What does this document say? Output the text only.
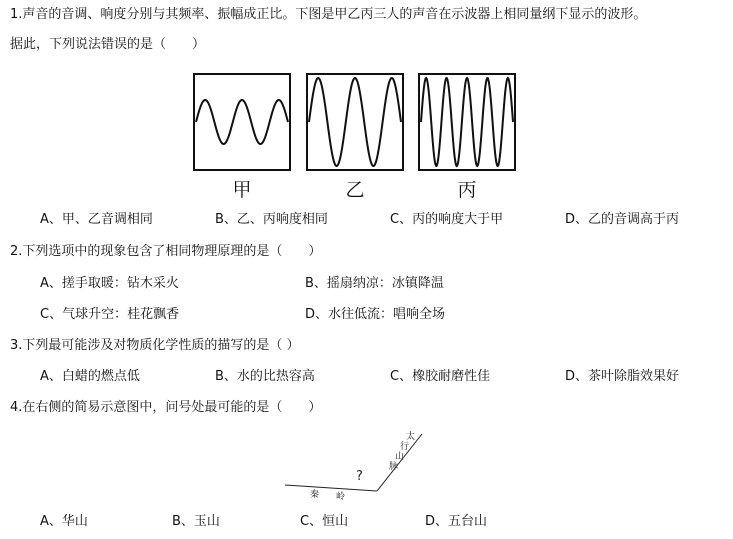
1.声音的音调、响度分别与其频率、振幅成正比。下图是甲乙丙三人的声音在示波器上相同量纲下显示的波形。
据此，下列说法错误的是（　　）
甲	乙	丙
A、甲、乙音调相同	B、乙、丙响度相同	C、丙的响度大于甲	D、乙的音调高于丙
2.下列选项中的现象包含了相同物理原理的是（　　）
A、搓手取暖：钻木采火	B、摇扇纳凉：冰镇降温
C、气球升空：桂花飘香	D、水往低流：唱响全场
3.下列最可能涉及对物质化学性质的描写的是（ ）
A、白蜡的燃点低	B、水的比热容高	C、橡胶耐磨性佳	D、茶叶除脂效果好
4.在右侧的简易示意图中，问号处最可能的是（　　）
秦 岭
太
行
山
脉
?
A、华山	B、玉山	C、恒山	D、五台山
